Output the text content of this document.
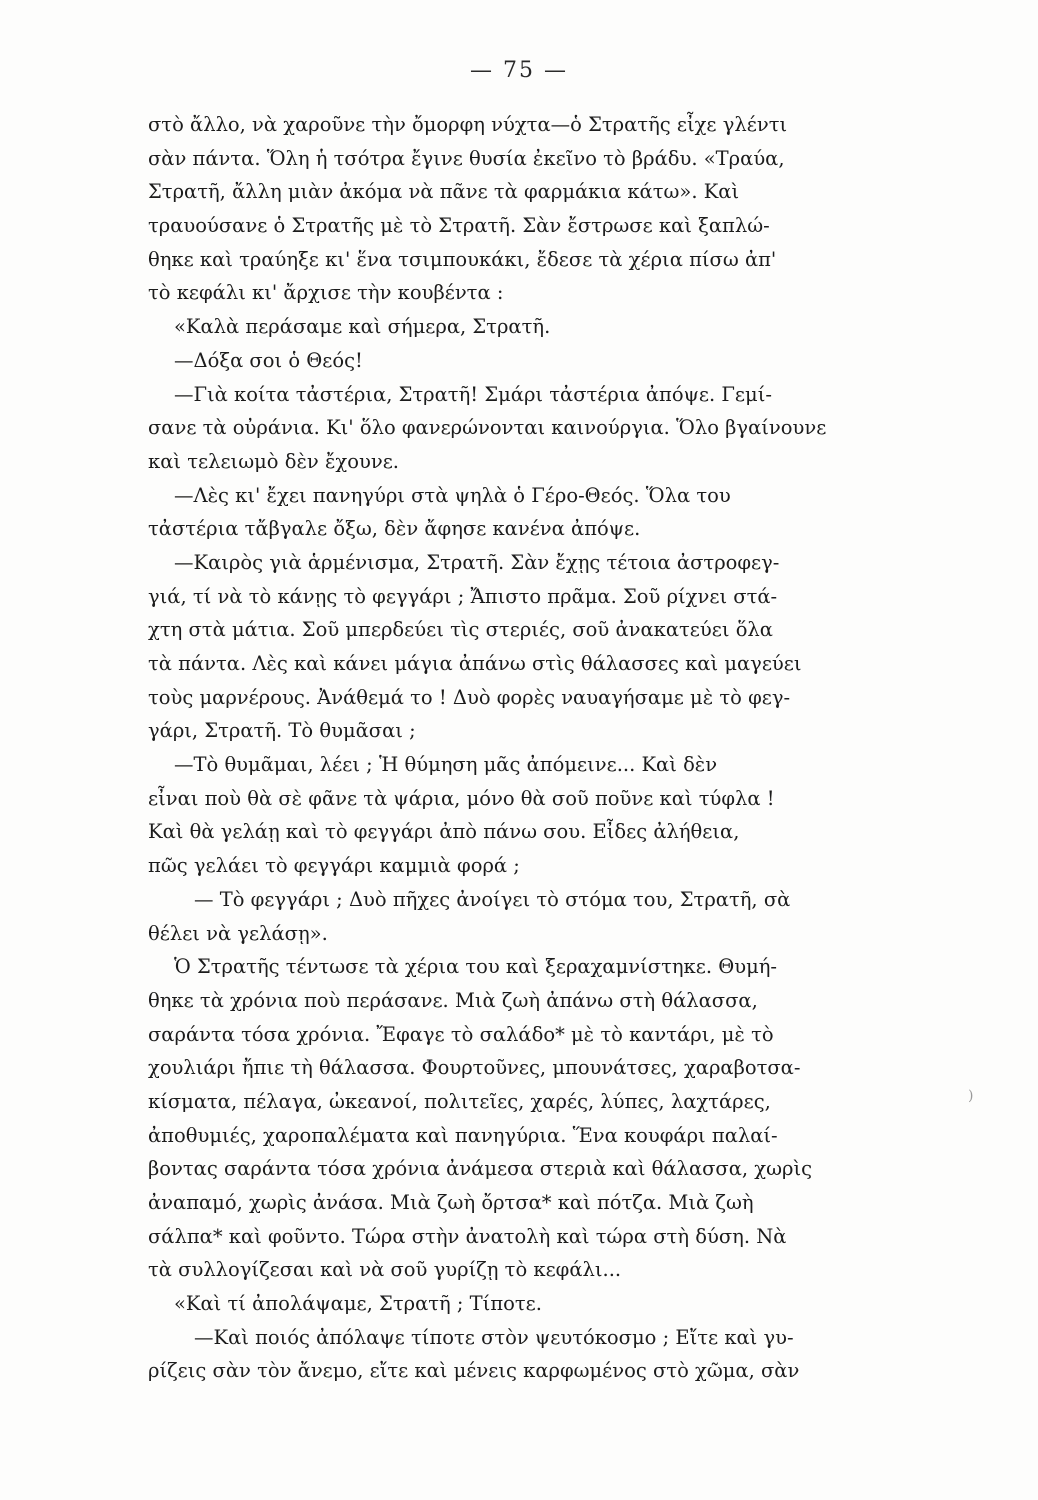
— 75 —
στὸ ἄλλο, νὰ χαροῦνε τὴν ὄμορφη νύχτα—ὁ Στρατῆς εἶχε γλέντι
σὰν πάντα. Ὅλη ἡ τσότρα ἔγινε θυσία ἐκεῖνο τὸ βράδυ. «Τραύα,
Στρατῆ, ἄλλη μιὰν ἀκόμα νὰ πᾶνε τὰ φαρμάκια κάτω». Καὶ
τραυούσανε ὁ Στρατῆς μὲ τὸ Στρατῆ. Σὰν ἔστρωσε καὶ ξαπλώ-
θηκε καὶ τραύηξε κι' ἕνα τσιμπουκάκι, ἔδεσε τὰ χέρια πίσω ἀπ'
τὸ κεφάλι κι' ἄρχισε τὴν κουβέντα :
«Καλὰ περάσαμε καὶ σήμερα, Στρατῆ.
—Δόξα σοι ὁ Θεός!
—Γιὰ κοίτα τἀστέρια, Στρατῆ! Σμάρι τἀστέρια ἀπόψε. Γεμί-
σανε τὰ οὐράνια. Κι' ὅλο φανερώνονται καινούργια. Ὅλο βγαίνουνε
καὶ τελειωμὸ δὲν ἔχουνε.
—Λὲς κι' ἔχει πανηγύρι στὰ ψηλὰ ὁ Γέρο-Θεός. Ὅλα του
τἀστέρια τἄβγαλε ὄξω, δὲν ἄφησε κανένα ἀπόψε.
—Καιρὸς γιὰ ἁρμένισμα, Στρατῆ. Σὰν ἔχῃς τέτοια ἀστροφεγ-
γιά, τί νὰ τὸ κάνῃς τὸ φεγγάρι ; Ἄπιστο πρᾶμα. Σοῦ ρίχνει στά-
χτη στὰ μάτια. Σοῦ μπερδεύει τὶς στεριές, σοῦ ἀνακατεύει ὅλα
τὰ πάντα. Λὲς καὶ κάνει μάγια ἀπάνω στὶς θάλασσες καὶ μαγεύει
τοὺς μαρνέρους. Ἀνάθεμά το ! Δυὸ φορὲς ναυαγήσαμε μὲ τὸ φεγ-
γάρι, Στρατῆ. Τὸ θυμᾶσαι ;
—Τὸ θυμᾶμαι, λέει ; Ἡ θύμηση μᾶς ἀπόμεινε... Καὶ δὲν
εἶναι ποὺ θὰ σὲ φᾶνε τὰ ψάρια, μόνο θὰ σοῦ ποῦνε καὶ τύφλα !
Καὶ θὰ γελάῃ καὶ τὸ φεγγάρι ἀπὸ πάνω σου. Εἶδες ἀλήθεια,
πῶς γελάει τὸ φεγγάρι καμμιὰ φορά ;
— Τὸ φεγγάρι ; Δυὸ πῆχες ἀνοίγει τὸ στόμα του, Στρατῆ, σὰ
θέλει νὰ γελάσῃ».
Ὁ Στρατῆς τέντωσε τὰ χέρια του καὶ ξεραχαμνίστηκε. Θυμή-
θηκε τὰ χρόνια ποὺ περάσανε. Μιὰ ζωὴ ἀπάνω στὴ θάλασσα,
σαράντα τόσα χρόνια. Ἔφαγε τὸ σαλάδο* μὲ τὸ καντάρι, μὲ τὸ
χουλιάρι ἤπιε τὴ θάλασσα. Φουρτοῦνες, μπουνάτσες, χαραβοτσα-
κίσματα, πέλαγα, ὠκεανοί, πολιτεῖες, χαρές, λύπες, λαχτάρες,
ἀποθυμιές, χαροπαλέματα καὶ πανηγύρια. Ἕνα κουφάρι παλαί-
βοντας σαράντα τόσα χρόνια ἀνάμεσα στεριὰ καὶ θάλασσα, χωρὶς
ἀναπαμό, χωρὶς ἀνάσα. Μιὰ ζωὴ ὄρτσα* καὶ πότζα. Μιὰ ζωὴ
σάλπα* καὶ φοῦντο. Τώρα στὴν ἀνατολὴ καὶ τώρα στὴ δύση. Νὰ
τὰ συλλογίζεσαι καὶ νὰ σοῦ γυρίζῃ τὸ κεφάλι...
«Καὶ τί ἀπολάψαμε, Στρατῆ ; Τίποτε.
—Καὶ ποιός ἀπόλαψε τίποτε στὸν ψευτόκοσμο ; Εἴτε καὶ γυ-
ρίζεις σὰν τὸν ἄνεμο, εἴτε καὶ μένεις καρφωμένος στὸ χῶμα, σὰν
)
